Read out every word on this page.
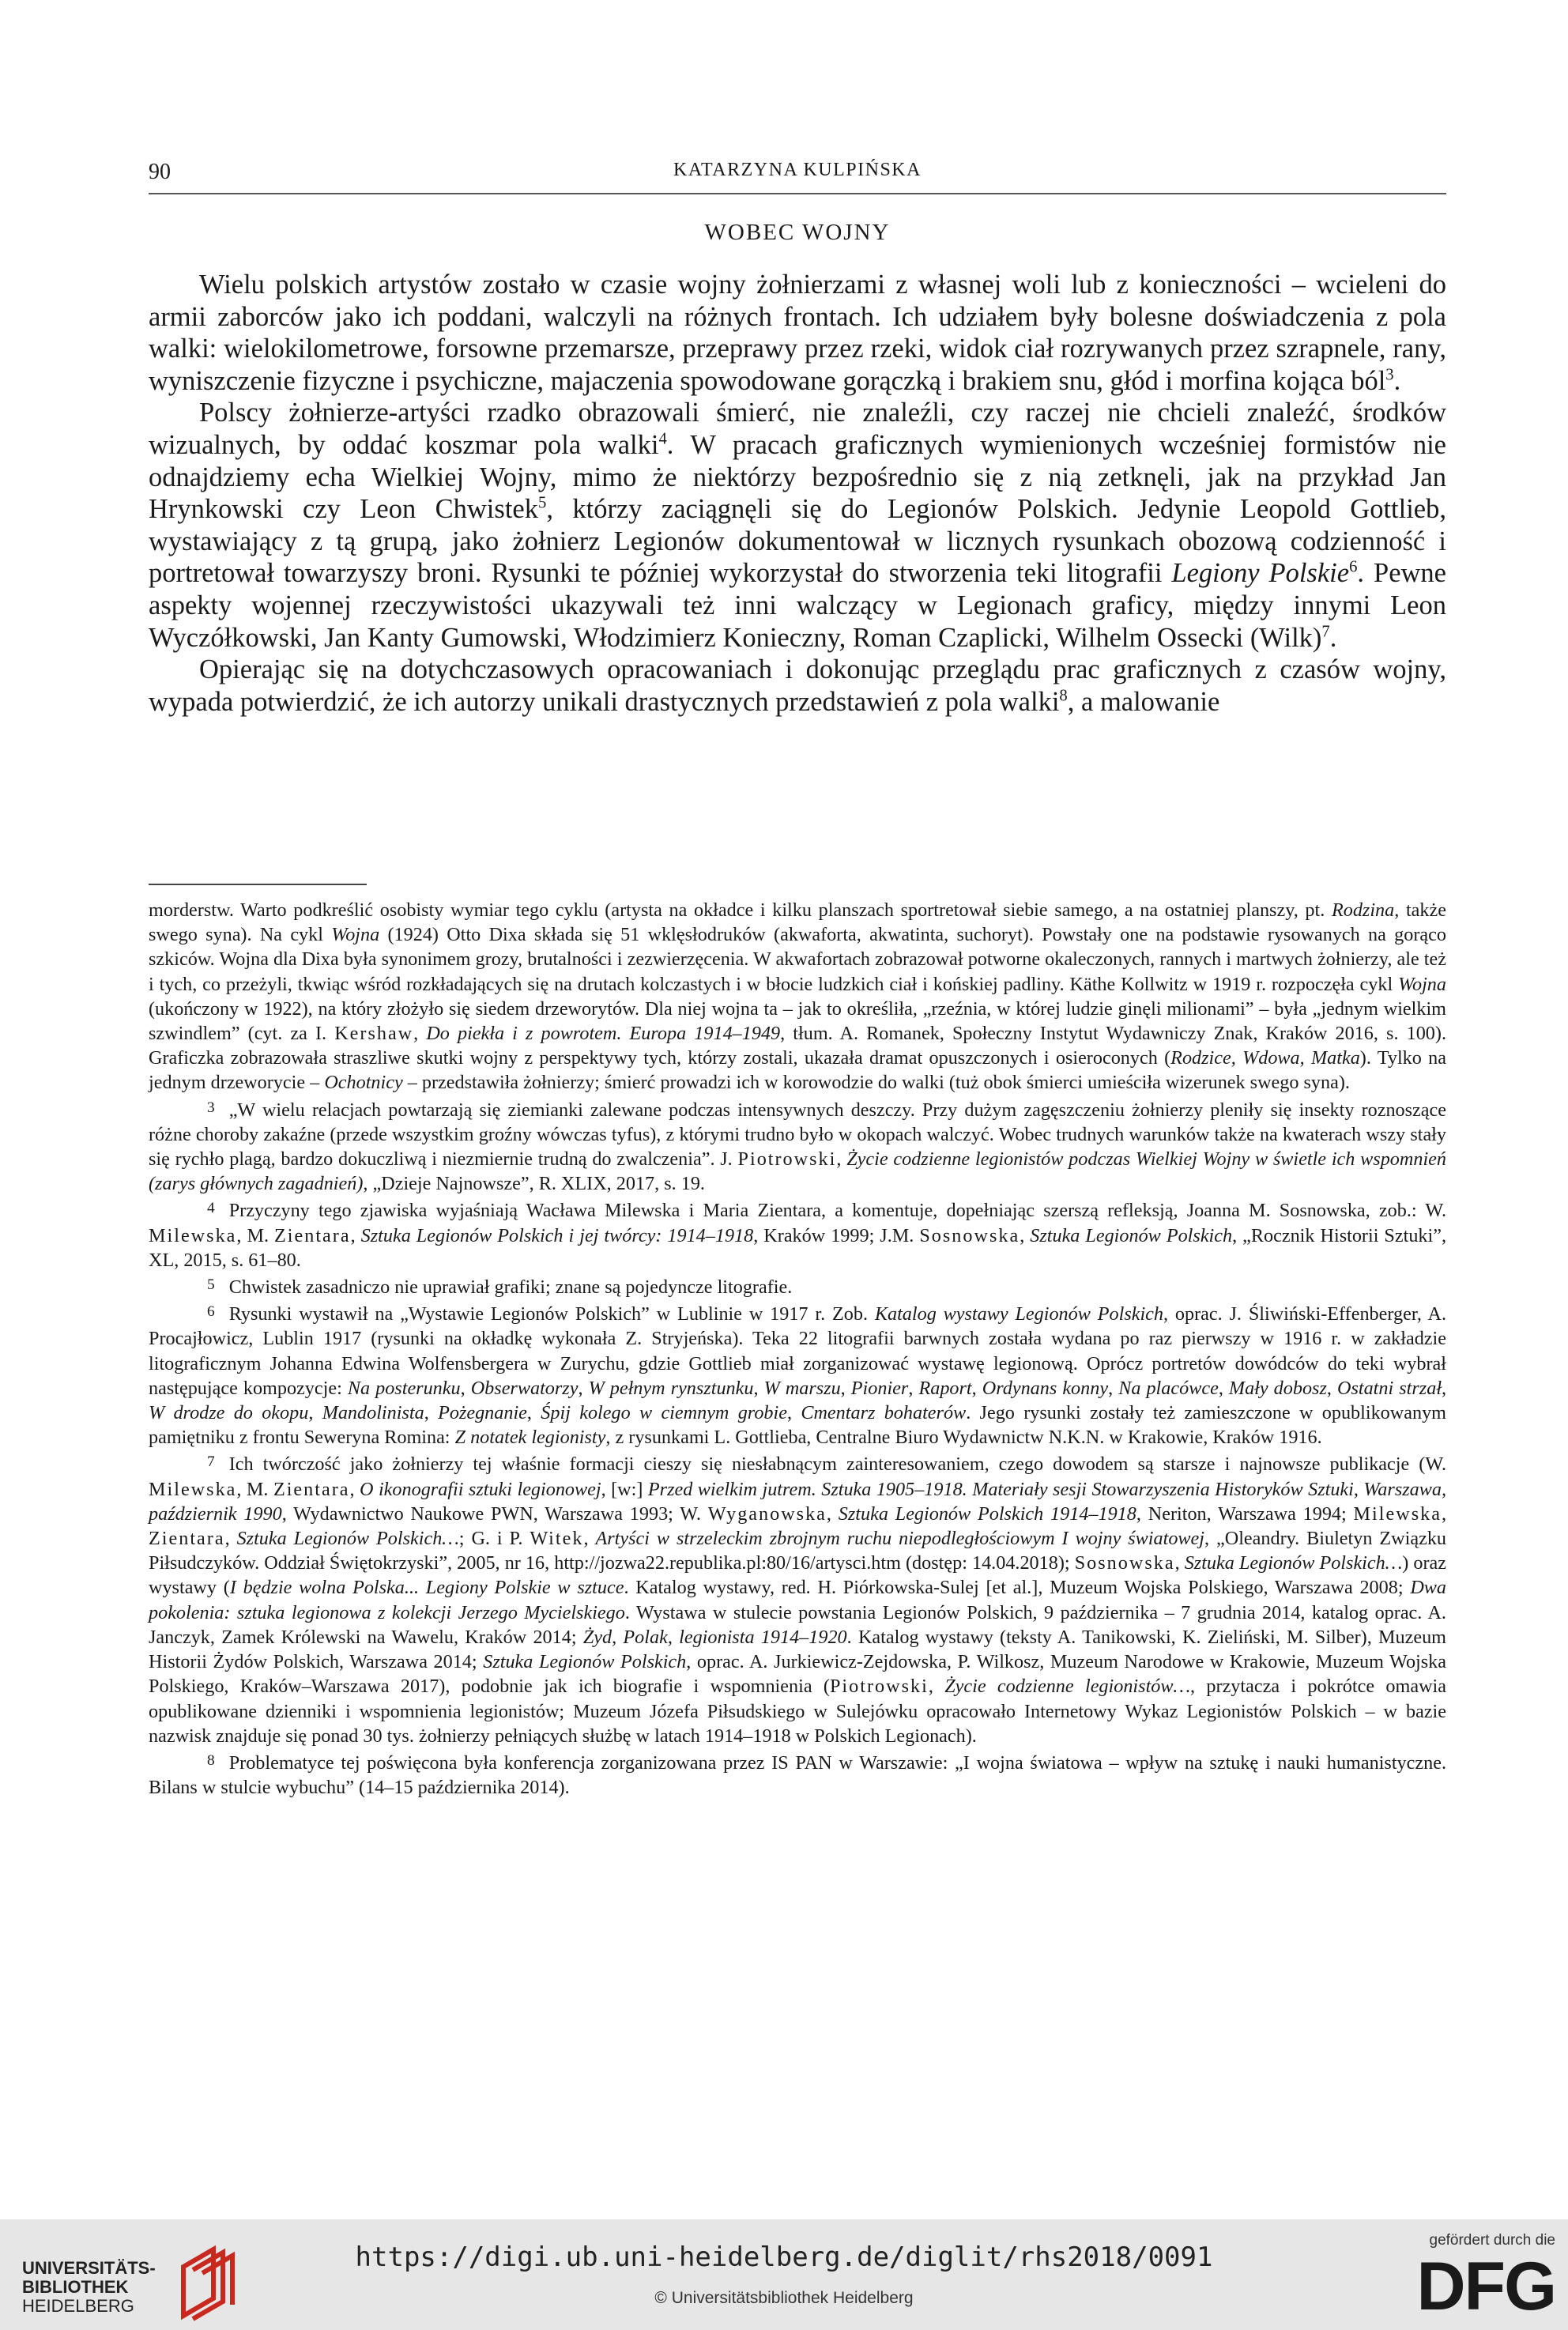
90	KATARZYNA KULPIŃSKA
WOBEC WOJNY

Wielu polskich artystów zostało w czasie wojny żołnierzami z własnej woli lub z konieczności – wcieleni do armii zaborców jako ich poddani, walczyli na różnych frontach. Ich udziałem były bolesne doświadczenia z pola walki: wielokilometrowe, forsowne przemarsze, przeprawy przez rzeki, widok ciał rozrywanych przez szrapnele, rany, wyniszczenie fizyczne i psychiczne, majaczenia spowodowane gorączką i brakiem snu, głód i morfina kojąca ból$^3$.

Polscy żołnierze-artyści rzadko obrazowali śmierć, nie znaleźli, czy raczej nie chcieli znaleźć, środków wizualnych, by oddać koszmar pola walki$^4$. W pracach graficznych wymienionych wcześniej formistów nie odnajdziemy echa Wielkiej Wojny, mimo że niektórzy bezpośrednio się z nią zetknęli, jak na przykład Jan Hrynkowski czy Leon Chwistek$^5$, którzy zaciągnęli się do Legionów Polskich. Jedynie Leopold Gottlieb, wystawiający z tą grupą, jako żołnierz Legionów dokumentował w licznych rysunkach obozową codzienność i portretował towarzyszy broni. Rysunki te później wykorzystał do stworzenia teki litografii Legiony Polskie$^6$. Pewne aspekty wojennej rzeczywistości ukazywali też inni walczący w Legionach graficy, między innymi Leon Wyczółkowski, Jan Kanty Gumowski, Włodzimierz Konieczny, Roman Czaplicki, Wilhelm Ossecki (Wilk)$^7$.

Opierając się na dotychczasowych opracowaniach i dokonując przeglądu prac graficznych z czasów wojny, wypada potwierdzić, że ich autorzy unikali drastycznych przedstawień z pola walki$^8$, a malowanie

morderstw. Warto podkreślić osobisty wymiar tego cyklu (artysta na okładce i kilku planszach sportretował siebie samego, a na ostatniej planszy, pt. Rodzina, także swego syna). Na cykl Wojna (1924) Otto Dixa składa się 51 wklęsłodruków (akwaforta, akwatinta, suchoryt). Powstały one na podstawie rysowanych na gorąco szkiców. Wojna dla Dixa była synonimem grozy, brutalności i zezwierzęcenia. W akwafortach zobrazował potworne okaleczonych, rannych i martwych żołnierzy, ale też i tych, co przeżyli, tkwiąc wśród rozkładających się na drutach kolczastych i w błocie ludzkich ciał i końskiej padliny. Käthe Kollwitz w 1919 r. rozpoczęła cykl Wojna (ukończony w 1922), na który złożyło się siedem drzeworytów. Dla niej wojna ta – jak to określiła, „rzeźnia, w której ludzie ginęli milionami” – była „jednym wielkim szwindlem” (cyt. za I. Kershaw, Do piekła i z powrotem. Europa 1914–1949, tłum. A. Romanek, Społeczny Instytut Wydawniczy Znak, Kraków 2016, s. 100). Graficzka zobrazowała straszliwe skutki wojny z perspektywy tych, którzy zostali, ukazała dramat opuszczonych i osieroconych (Rodzice, Wdowa, Matka). Tylko na jednym drzeworycie – Ochotnicy – przedstawiła żołnierzy; śmierć prowadzi ich w korowodzie do walki (tuż obok śmierci umieściła wizerunek swego syna).

$^3$ „W wielu relacjach powtarzają się ziemianki zalewane podczas intensywnych deszczy. Przy dużym zagęszczeniu żołnierzy pleniły się insekty roznoszące różne choroby zakaźne (przede wszystkim groźny wówczas tyfus), z którymi trudno było w okopach walczyć. Wobec trudnych warunków także na kwaterach wszy stały się rychło plagą, bardzo dokuczliwą i niezmiernie trudną do zwalczenia”. J. Piotrowski, Życie codzienne legionistów podczas Wielkiej Wojny w świetle ich wspomnień (zarys głównych zagadnień), „Dzieje Najnowsze”, R. XLIX, 2017, s. 19.

$^4$ Przyczyny tego zjawiska wyjaśniają Wacława Milewska i Maria Zientara, a komentuje, dopełniając szerszą refleksją, Joanna M. Sosnowska, zob.: W. Milewska, M. Zientara, Sztuka Legionów Polskich i jej twórcy: 1914–1918, Kraków 1999; J.M. Sosnowska, Sztuka Legionów Polskich, „Rocznik Historii Sztuki”, XL, 2015, s. 61–80.

$^5$ Chwistek zasadniczo nie uprawiał grafiki; znane są pojedyncze litografie.

$^6$ Rysunki wystawił na „Wystawie Legionów Polskich” w Lublinie w 1917 r. Zob. Katalog wystawy Legionów Polskich, oprac. J. Śliwiński-Effenberger, A. Procajłowicz, Lublin 1917 (rysunki na okładkę wykonała Z. Stryjeńska). Teka 22 litografii barwnych została wydana po raz pierwszy w 1916 r. w zakładzie litograficznym Johanna Edwina Wolfensbergera w Zurychu, gdzie Gottlieb miał zorganizować wystawę legionową. Oprócz portretów dowódców do teki wybrał następujące kompozycje: Na posterunku, Obserwatorzy, W pełnym rynsztunku, W marszu, Pionier, Raport, Ordynans konny, Na placówce, Mały dobosz, Ostatni strzał, W drodze do okopu, Mandolinista, Pożegnanie, Śpij kolego w ciemnym grobie, Cmentarz bohaterów. Jego rysunki zostały też zamieszczone w opublikowanym pamiętniku z frontu Seweryna Romina: Z notatek legionisty, z rysunkami L. Gottlieba, Centralne Biuro Wydawnictw N.K.N. w Krakowie, Kraków 1916.

$^7$ Ich twórczość jako żołnierzy tej właśnie formacji cieszy się niesłabnącym zainteresowaniem, czego dowodem są starsze i najnowsze publikacje (W. Milewska, M. Zientara, O ikonografii sztuki legionowej, [w:] Przed wielkim jutrem. Sztuka 1905–1918. Materiały sesji Stowarzyszenia Historyków Sztuki, Warszawa, październik 1990, Wydawnictwo Naukowe PWN, Warszawa 1993; W. Wyganowska, Sztuka Legionów Polskich 1914–1918, Neriton, Warszawa 1994; Milewska, Zientara, Sztuka Legionów Polskich…; G. i P. Witek, Artyści w strzeleckim zbrojnym ruchu niepodległościowym I wojny światowej, „Oleandry. Biuletyn Związku Piłsudczyków. Oddział Świętokrzyski”, 2005, nr 16, http://jozwa22.republika.pl:80/16/artysci.htm (dostęp: 14.04.2018); Sosnowska, Sztuka Legionów Polskich…) oraz wystawy (I będzie wolna Polska... Legiony Polskie w sztuce. Katalog wystawy, red. H. Piórkowska-Sulej [et al.], Muzeum Wojska Polskiego, Warszawa 2008; Dwa pokolenia: sztuka legionowa z kolekcji Jerzego Mycielskiego. Wystawa w stulecie powstania Legionów Polskich, 9 października – 7 grudnia 2014, katalog oprac. A. Janczyk, Zamek Królewski na Wawelu, Kraków 2014; Żyd, Polak, legionista 1914–1920. Katalog wystawy (teksty A. Tanikowski, K. Zieliński, M. Silber), Muzeum Historii Żydów Polskich, Warszawa 2014; Sztuka Legionów Polskich, oprac. A. Jurkiewicz-Zejdowska, P. Wilkosz, Muzeum Narodowe w Krakowie, Muzeum Wojska Polskiego, Kraków–Warszawa 2017), podobnie jak ich biografie i wspomnienia (Piotrowski, Życie codzienne legionistów…, przytacza i pokrótce omawia opublikowane dzienniki i wspomnienia legionistów; Muzeum Józefa Piłsudskiego w Sulejówku opracowało Internetowy Wykaz Legionistów Polskich – w bazie nazwisk znajduje się ponad 30 tys. żołnierzy pełniących służbę w latach 1914–1918 w Polskich Legionach).

$^8$ Problematyce tej poświęcona była konferencja zorganizowana przez IS PAN w Warszawie: „I wojna światowa – wpływ na sztukę i nauki humanistyczne. Bilans w stulcie wybuchu” (14–15 października 2014).

UNIVERSITÄTS-
BIBLIOTHEK
HEIDELBERG
https://digi.ub.uni-heidelberg.de/diglit/rhs2018/0091
© Universitätsbibliothek Heidelberg
gefördert durch die
DFG
